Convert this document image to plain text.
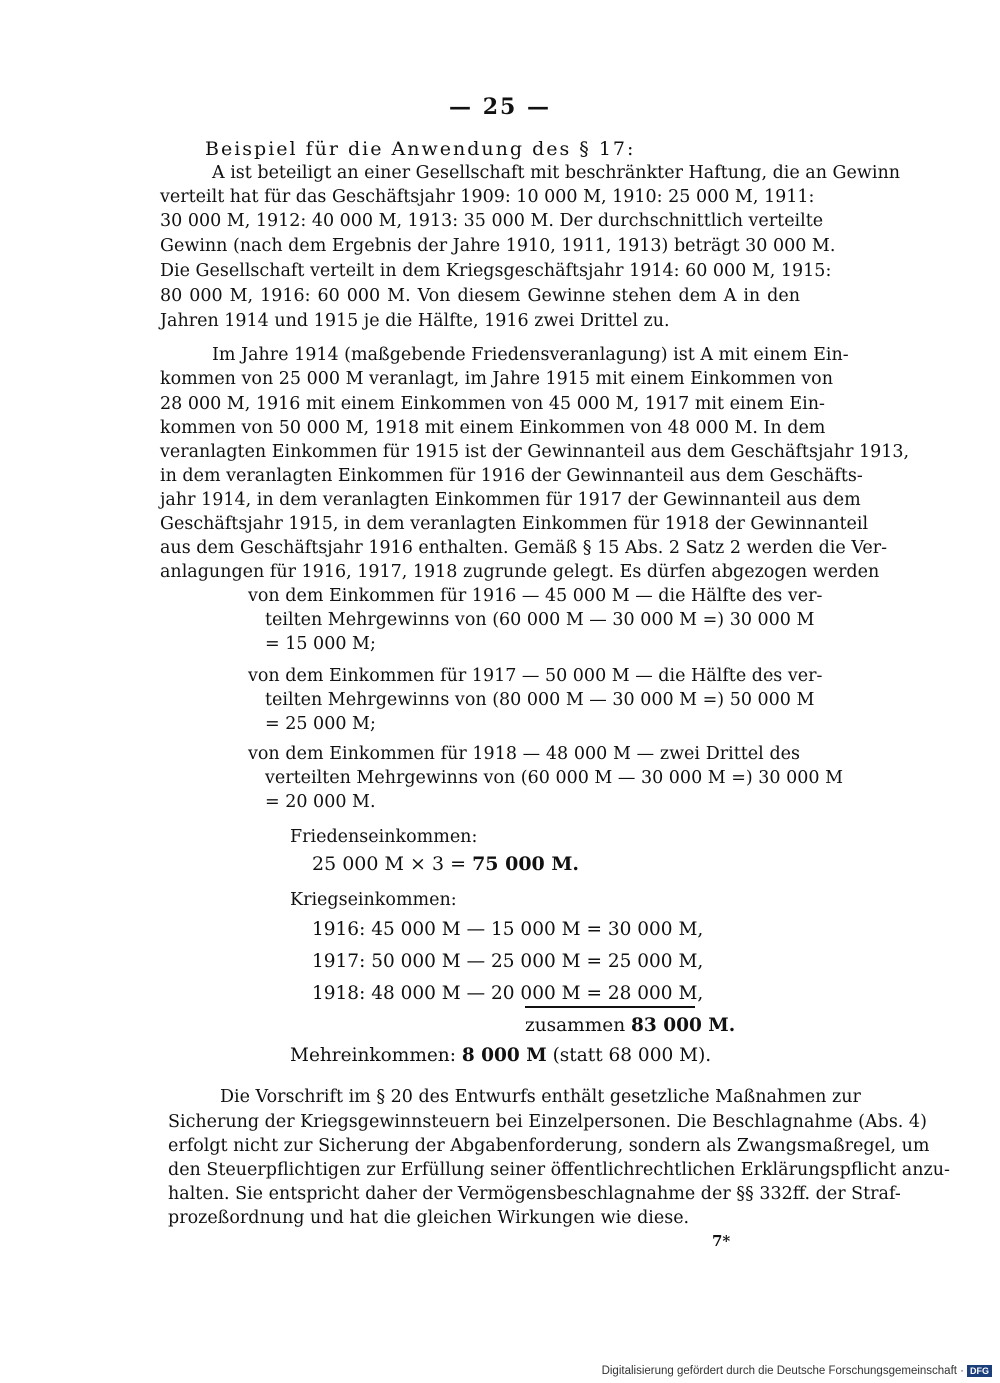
— 25 —
Beispiel für die Anwendung des § 17:
A ist beteiligt an einer Gesellschaft mit beschränkter Haftung, die an Gewinn
verteilt hat für das Geschäftsjahr 1909: 10 000 M, 1910: 25 000 M, 1911:
30 000 M, 1912: 40 000 M, 1913: 35 000 M. Der durchschnittlich verteilte
Gewinn (nach dem Ergebnis der Jahre 1910, 1911, 1913) beträgt 30 000 M.
Die Gesellschaft verteilt in dem Kriegsgeschäftsjahr 1914: 60 000 M, 1915:
80 000 M, 1916: 60 000 M. Von diesem Gewinne stehen dem A in den
Jahren 1914 und 1915 je die Hälfte, 1916 zwei Drittel zu.
Im Jahre 1914 (maßgebende Friedensveranlagung) ist A mit einem Ein-
kommen von 25 000 M veranlagt, im Jahre 1915 mit einem Einkommen von
28 000 M, 1916 mit einem Einkommen von 45 000 M, 1917 mit einem Ein-
kommen von 50 000 M, 1918 mit einem Einkommen von 48 000 M. In dem
veranlagten Einkommen für 1915 ist der Gewinnanteil aus dem Geschäftsjahr 1913,
in dem veranlagten Einkommen für 1916 der Gewinnanteil aus dem Geschäfts-
jahr 1914, in dem veranlagten Einkommen für 1917 der Gewinnanteil aus dem
Geschäftsjahr 1915, in dem veranlagten Einkommen für 1918 der Gewinnanteil
aus dem Geschäftsjahr 1916 enthalten. Gemäß § 15 Abs. 2 Satz 2 werden die Ver-
anlagungen für 1916, 1917, 1918 zugrunde gelegt. Es dürfen abgezogen werden
von dem Einkommen für 1916 — 45 000 M — die Hälfte des ver-
teilten Mehrgewinns von (60 000 M — 30 000 M =) 30 000 M
= 15 000 M;
von dem Einkommen für 1917 — 50 000 M — die Hälfte des ver-
teilten Mehrgewinns von (80 000 M — 30 000 M =) 50 000 M
= 25 000 M;
von dem Einkommen für 1918 — 48 000 M — zwei Drittel des
verteilten Mehrgewinns von (60 000 M — 30 000 M =) 30 000 M
= 20 000 M.
Friedenseinkommen:
25 000 M × 3 = 75 000 M.
Kriegseinkommen:
1916: 45 000 M — 15 000 M = 30 000 M,
1917: 50 000 M — 25 000 M = 25 000 M,
1918: 48 000 M — 20 000 M = 28 000 M,
zusammen 83 000 M.
Mehreinkommen: 8 000 M (statt 68 000 M).
Die Vorschrift im § 20 des Entwurfs enthält gesetzliche Maßnahmen zur
Sicherung der Kriegsgewinnsteuern bei Einzelpersonen. Die Beschlagnahme (Abs. 4)
erfolgt nicht zur Sicherung der Abgabenforderung, sondern als Zwangsmaßregel, um
den Steuerpflichtigen zur Erfüllung seiner öffentlichrechtlichen Erklärungspflicht anzu-
halten. Sie entspricht daher der Vermögensbeschlagnahme der §§ 332ff. der Straf-
prozeßordnung und hat die gleichen Wirkungen wie diese.
7*
Digitalisierung gefördert durch die Deutsche Forschungsgemeinschaft · DFG
